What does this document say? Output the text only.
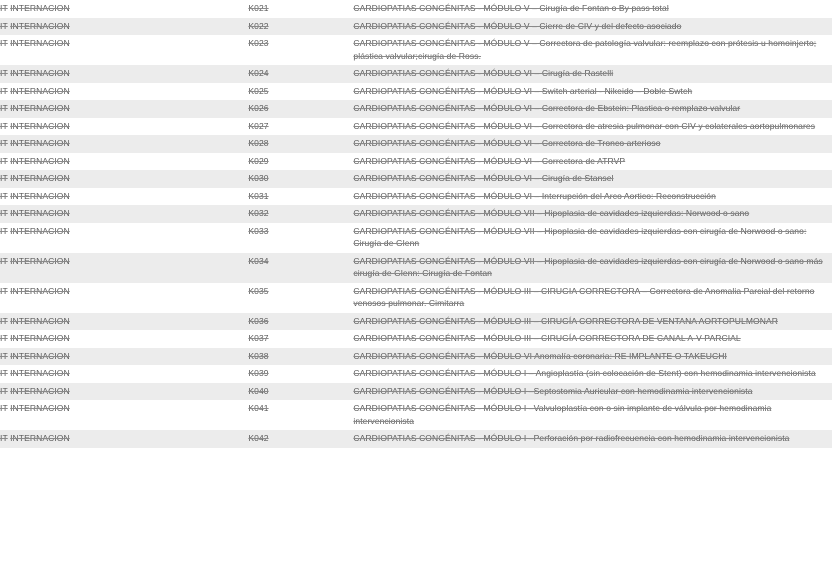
IT	INTERNACION	K021	CARDIOPATIAS CONGÉNITAS - MÓDULO V – Cirugía de Fontan o By pass total
IT	INTERNACION	K022	CARDIOPATIAS CONGÉNITAS - MÓDULO V – Cierre de CIV y del defecto asociado
IT	INTERNACION	K023	CARDIOPATIAS CONGÉNITAS - MÓDULO V – Correctora de patología valvular: reemplazo con prótesis u homoinjerto; plástica valvular;cirugía de Ross.
IT	INTERNACION	K024	CARDIOPATIAS CONGÉNITAS - MÓDULO VI – Cirugía de Rastelli
IT	INTERNACION	K025	CARDIOPATIAS CONGÉNITAS - MÓDULO VI – Switch arterial - Nikeido – Doble Swtch
IT	INTERNACION	K026	CARDIOPATIAS CONGÉNITAS - MÓDULO VI – Correctora de Ebstein: Plastica o remplazo valvular
IT	INTERNACION	K027	CARDIOPATIAS CONGÉNITAS - MÓDULO VI – Correctora de atresia pulmonar con CIV y colaterales aortopulmonares
IT	INTERNACION	K028	CARDIOPATIAS CONGÉNITAS - MÓDULO VI – Correctora de Tronco arterioso
IT	INTERNACION	K029	CARDIOPATIAS CONGÉNITAS - MÓDULO VI – Correctora de ATRVP
IT	INTERNACION	K030	CARDIOPATIAS CONGÉNITAS - MÓDULO VI – Cirugía de Stansel
IT	INTERNACION	K031	CARDIOPATIAS CONGÉNITAS - MÓDULO VI – Interrupción del Arco Aortico: Reconstrucción
IT	INTERNACION	K032	CARDIOPATIAS CONGÉNITAS - MÓDULO VII – Hipoplasia de cavidades izquierdas: Norwood o sano
IT	INTERNACION	K033	CARDIOPATIAS CONGÉNITAS - MÓDULO VII – Hipoplasia de cavidades izquierdas con cirugía de Norwood o sano: Cirugía de Glenn
IT	INTERNACION	K034	CARDIOPATIAS CONGÉNITAS - MÓDULO VII – Hipoplasia de cavidades izquierdas con cirugía de Norwood o sano más cirugía de Glenn: Cirugía de Fontan
IT	INTERNACION	K035	CARDIOPATIAS CONGÉNITAS - MÓDULO III – CIRUGIA CORRECTORA – Correctora de Anomalia Parcial del retorno venosos pulmonar. Cimitarra
IT	INTERNACION	K036	CARDIOPATIAS CONGÉNITAS - MÓDULO III – CIRUGÍA CORRECTORA DE VENTANA AORTOPULMONAR
IT	INTERNACION	K037	CARDIOPATIAS CONGÉNITAS - MÓDULO III – CIRUGÍA CORRECTORA DE CANAL A-V PARCIAL
IT	INTERNACION	K038	CARDIOPATIAS CONGÉNITAS - MÓDULO VI Anomalía coronaria: RE IMPLANTE O TAKEUCHI
IT	INTERNACION	K039	CARDIOPATIAS CONGÉNITAS - MÓDULO I – Angioplastía (sin colocación de Stent) con hemodinamia intervencionista
IT	INTERNACION	K040	CARDIOPATIAS CONGÉNITAS - MÓDULO I –Septostomia Auricular con hemodinamia intervencionista
IT	INTERNACION	K041	CARDIOPATIAS CONGÉNITAS - MÓDULO I –Valvuloplastía con o sin implante de válvula por hemodinamia intervencionista
IT	INTERNACION	K042	CARDIOPATIAS CONGÉNITAS - MÓDULO I –Perforación por radiofrecuencia con hemodinamia intervencionista
